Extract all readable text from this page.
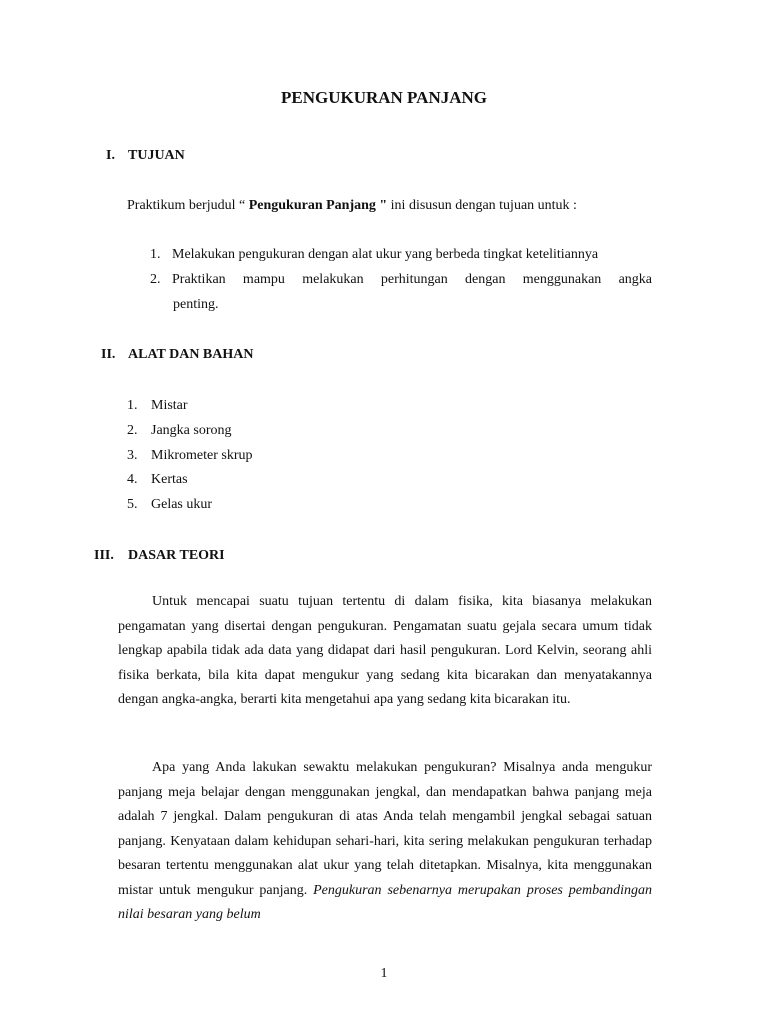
PENGUKURAN PANJANG
I. TUJUAN
Praktikum berjudul “ Pengukuran Panjang " ini disusun dengan tujuan untuk :
1. Melakukan pengukuran dengan alat ukur yang berbeda tingkat ketelitiannya
2. Praktikan mampu melakukan perhitungan dengan menggunakan angka
penting.
II. ALAT DAN BAHAN
1. Mistar
2. Jangka sorong
3. Mikrometer skrup
4. Kertas
5. Gelas ukur
III. DASAR TEORI

Untuk mencapai suatu tujuan tertentu di dalam fisika, kita biasanya melakukan pengamatan yang disertai dengan pengukuran. Pengamatan suatu gejala secara umum tidak lengkap apabila tidak ada data yang didapat dari hasil pengukuran. Lord Kelvin, seorang ahli fisika berkata, bila kita dapat mengukur yang sedang kita bicarakan dan menyatakannya dengan angka-angka, berarti kita mengetahui apa yang sedang kita bicarakan itu.

Apa yang Anda lakukan sewaktu melakukan pengukuran? Misalnya anda mengukur panjang meja belajar dengan menggunakan jengkal, dan mendapatkan bahwa panjang meja adalah 7 jengkal. Dalam pengukuran di atas Anda telah mengambil jengkal sebagai satuan panjang. Kenyataan dalam kehidupan sehari-hari, kita sering melakukan pengukuran terhadap besaran tertentu menggunakan alat ukur yang telah ditetapkan. Misalnya, kita menggunakan mistar untuk mengukur panjang. Pengukuran sebenarnya merupakan proses pembandingan nilai besaran yang belum

1
